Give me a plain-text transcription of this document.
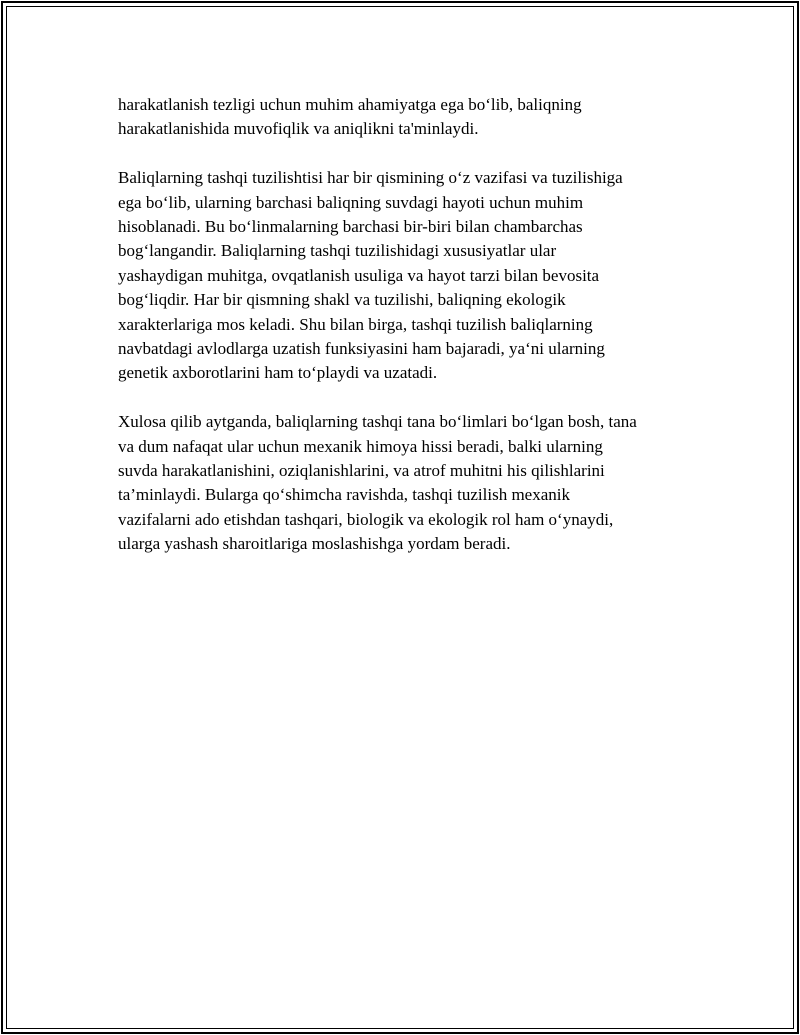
harakatlanish tezligi uchun muhim ahamiyatga ega bo‘lib, baliqning
harakatlanishida muvofiqlik va aniqlikni ta'minlaydi.

Baliqlarning tashqi tuzilishtisi har bir qismining o‘z vazifasi va tuzilishiga
ega bo‘lib, ularning barchasi baliqning suvdagi hayoti uchun muhim
hisoblanadi. Bu bo‘linmalarning barchasi bir-biri bilan chambarchas
bog‘langandir. Baliqlarning tashqi tuzilishidagi xususiyatlar ular
yashaydigan muhitga, ovqatlanish usuliga va hayot tarzi bilan bevosita
bog‘liqdir. Har bir qismning shakl va tuzilishi, baliqning ekologik
xarakterlariga mos keladi. Shu bilan birga, tashqi tuzilish baliqlarning
navbatdagi avlodlarga uzatish funksiyasini ham bajaradi, ya‘ni ularning
genetik axborotlarini ham to‘playdi va uzatadi.

Xulosa qilib aytganda, baliqlarning tashqi tana bo‘limlari bo‘lgan bosh, tana
va dum nafaqat ular uchun mexanik himoya hissi beradi, balki ularning
suvda harakatlanishini, oziqlanishlarini, va atrof muhitni his qilishlarini
ta’minlaydi. Bularga qo‘shimcha ravishda, tashqi tuzilish mexanik
vazifalarni ado etishdan tashqari, biologik va ekologik rol ham o‘ynaydi,
ularga yashash sharoitlariga moslashishga yordam beradi.
